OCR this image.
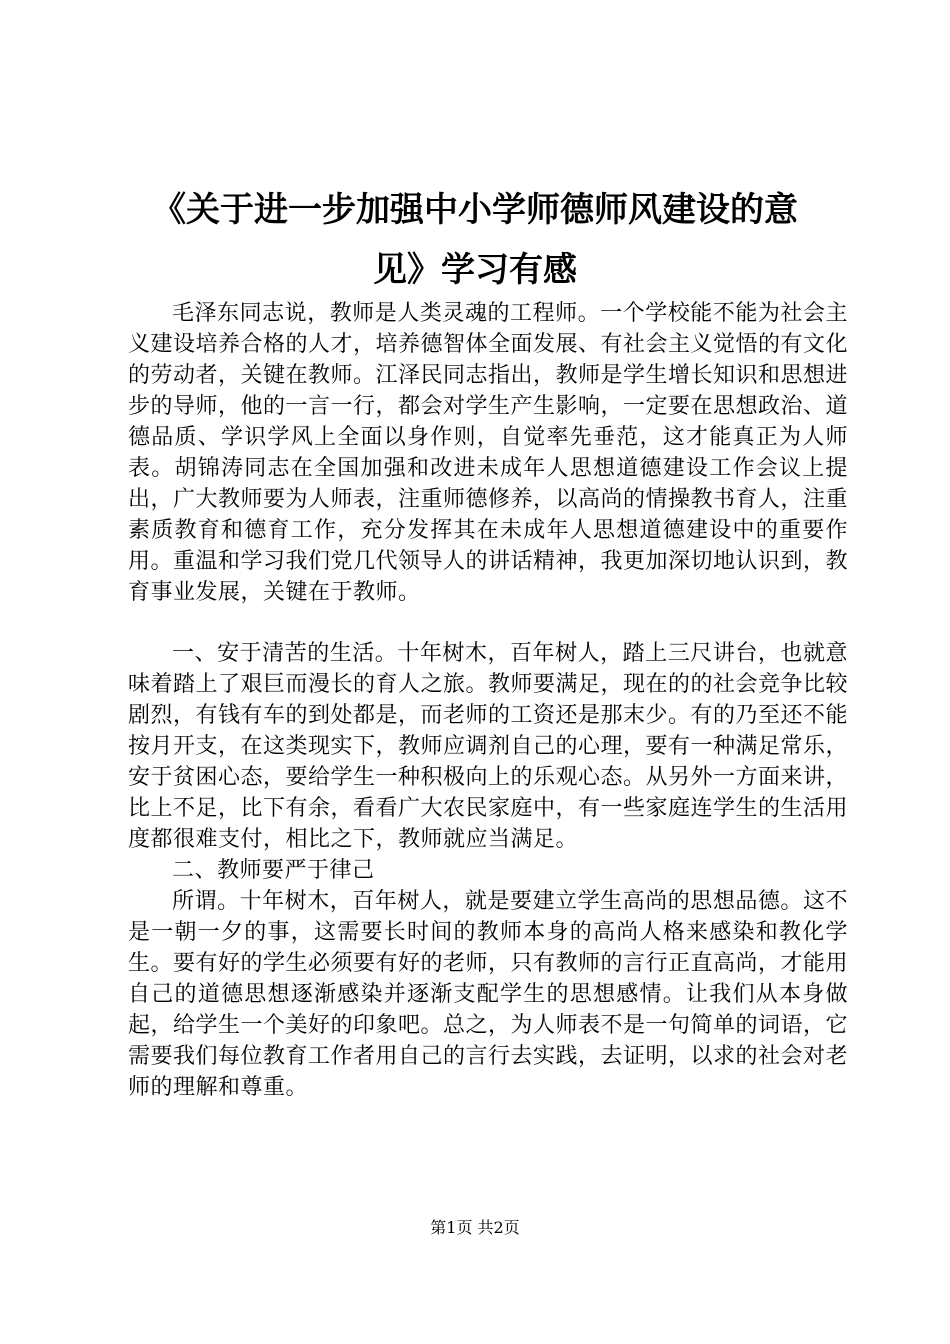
《关于进一步加强中小学师德师风建设的意
见》学习有感

毛泽东同志说，教师是人类灵魂的工程师。一个学校能不能为社会主义建设培养合格的人才，培养德智体全面发展、有社会主义觉悟的有文化的劳动者，关键在教师。江泽民同志指出，教师是学生增长知识和思想进步的导师，他的一言一行，都会对学生产生影响，一定要在思想政治、道德品质、学识学风上全面以身作则，自觉率先垂范，这才能真正为人师表。胡锦涛同志在全国加强和改进未成年人思想道德建设工作会议上提出，广大教师要为人师表，注重师德修养，以高尚的情操教书育人，注重素质教育和德育工作，充分发挥其在未成年人思想道德建设中的重要作用。重温和学习我们党几代领导人的讲话精神，我更加深切地认识到，教育事业发展，关键在于教师。

一、安于清苦的生活。十年树木，百年树人，踏上三尺讲台，也就意味着踏上了艰巨而漫长的育人之旅。教师要满足，现在的的社会竞争比较剧烈，有钱有车的到处都是，而老师的工资还是那末少。有的乃至还不能按月开支，在这类现实下，教师应调剂自己的心理，要有一种满足常乐，安于贫困心态，要给学生一种积极向上的乐观心态。从另外一方面来讲，比上不足，比下有余，看看广大农民家庭中，有一些家庭连学生的生活用度都很难支付，相比之下，教师就应当满足。

二、教师要严于律己

所谓。十年树木，百年树人，就是要建立学生高尚的思想品德。这不是一朝一夕的事，这需要长时间的教师本身的高尚人格来感染和教化学生。要有好的学生必须要有好的老师，只有教师的言行正直高尚，才能用自己的道德思想逐渐感染并逐渐支配学生的思想感情。让我们从本身做起，给学生一个美好的印象吧。总之，为人师表不是一句简单的词语，它需要我们每位教育工作者用自己的言行去实践，去证明，以求的社会对老师的理解和尊重。

第1页 共2页
